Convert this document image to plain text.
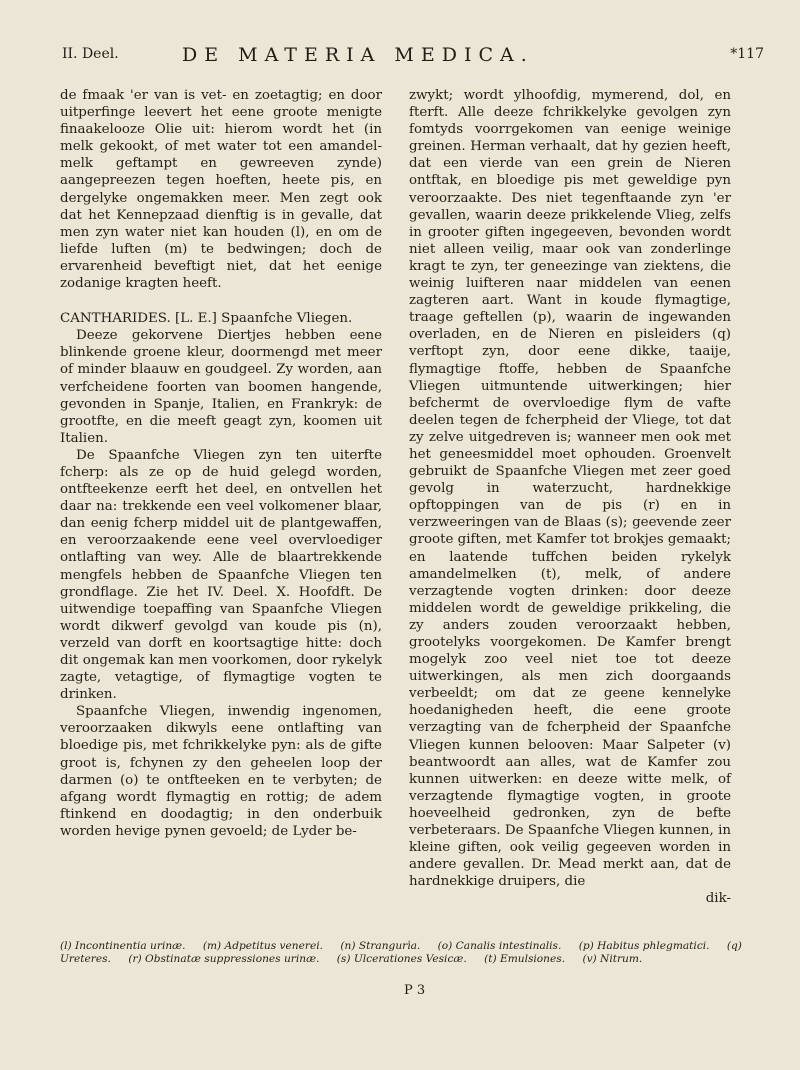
II. Deel.	DE MATERIA MEDICA.	*117

de fmaak 'er van is vet- en zoetagtig; en door uitperfinge leevert het eene groote menigte finaakelooze Olie uit: hierom wordt het (in melk gekookt, of met water tot een amandel-melk geftampt en gewreeven zynde) aangepreezen tegen hoeften, heete pis, en dergelyke ongemakken meer. Men zegt ook dat het Kennepzaad dienftig is in gevalle, dat men zyn water niet kan houden (l), en om de liefde luften (m) te bedwingen; doch de ervarenheid beveftigt niet, dat het eenige zodanige kragten heeft.

CANTHARIDES. [L. E.] Spaanfche Vliegen.

Deeze gekorvene Diertjes hebben eene blinkende groene kleur, doormengd met meer of minder blaauw en goudgeel. Zy worden, aan verfcheidene foorten van boomen hangende, gevonden in Spanje, Italien, en Frankryk: de grootfte, en die meeft geagt zyn, koomen uit Italien.

De Spaanfche Vliegen zyn ten uiterfte fcherp: als ze op de huid gelegd worden, ontfteekenze eerft het deel, en ontvellen het daar na: trekkende een veel volkomener blaar, dan eenig fcherp middel uit de plantgewaffen, en veroorzaakende eene veel overvloediger ontlafting van wey. Alle de blaartrekkende mengfels hebben de Spaanfche Vliegen ten grondflage. Zie het IV. Deel. X. Hoofdft. De uitwendige toepaffing van Spaanfche Vliegen wordt dikwerf gevolgd van koude pis (n), verzeld van dorft en koortsagtige hitte: doch dit ongemak kan men voorkomen, door rykelyk zagte, vetagtige, of flymagtige vogten te drinken.

Spaanfche Vliegen, inwendig ingenomen, veroorzaaken dikwyls eene ontlafting van bloedige pis, met fchrikkelyke pyn: als de gifte groot is, fchynen zy den geheelen loop der darmen (o) te ontfteeken en te verbyten; de afgang wordt flymagtig en rottig; de adem ftinkend en doodagtig; in den onderbuik worden hevige pynen gevoeld; de Lyder be-

zwykt; wordt ylhoofdig, mymerend, dol, en fterft. Alle deeze fchrikkelyke gevolgen zyn fomtyds voorrgekomen van eenige weinige greinen. Herman verhaalt, dat hy gezien heeft, dat een vierde van een grein de Nieren ontftak, en bloedige pis met geweldige pyn veroorzaakte. Des niet tegenftaande zyn 'er gevallen, waarin deeze prikkelende Vlieg, zelfs in grooter giften ingegeeven, bevonden wordt niet alleen veilig, maar ook van zonderlinge kragt te zyn, ter geneezinge van ziektens, die weinig luifteren naar middelen van eenen zagteren aart. Want in koude flymagtige, traage geftellen (p), waarin de ingewanden overladen, en de Nieren en pisleiders (q) verftopt zyn, door eene dikke, taaije, flymagtige ftoffe, hebben de Spaanfche Vliegen uitmuntende uitwerkingen; hier befchermt de overvloedige flym de vafte deelen tegen de fcherpheid der Vliege, tot dat zy zelve uitgedreven is; wanneer men ook met het geneesmiddel moet ophouden. Groenvelt gebruikt de Spaanfche Vliegen met zeer goed gevolg in waterzucht, hardnekkige opftoppingen van de pis (r) en in verzweeringen van de Blaas (s); geevende zeer groote giften, met Kamfer tot brokjes gemaakt; en laatende tuffchen beiden rykelyk amandelmelken (t), melk, of andere verzagtende vogten drinken: door deeze middelen wordt de geweldige prikkeling, die zy anders zouden veroorzaakt hebben, grootelyks voorgekomen. De Kamfer brengt mogelyk zoo veel niet toe tot deeze uitwerkingen, als men zich doorgaands verbeeldt; om dat ze geene kennelyke hoedanigheden heeft, die eene groote verzagting van de fcherpheid der Spaanfche Vliegen kunnen belooven: Maar Salpeter (v) beantwoordt aan alles, wat de Kamfer zou kunnen uitwerken: en deeze witte melk, of verzagtende flymagtige vogten, in groote hoeveelheid gedronken, zyn de befte verbeteraars. De Spaanfche Vliegen kunnen, in kleine giften, ook veilig gegeeven worden in andere gevallen. Dr. Mead merkt aan, dat de hardnekkige druipers, die

dik-

(l) Incontinentia urinæ. (m) Adpetitus venerei. (n) Strangurìa. (o) Canalis intestinalis. (p) Habitus phlegmatici. (q) Ureteres. (r) Obstinatæ suppressiones urinæ. (s) Ulcerationes Vesicæ. (t) Emulsiones. (v) Nitrum.
P 3
